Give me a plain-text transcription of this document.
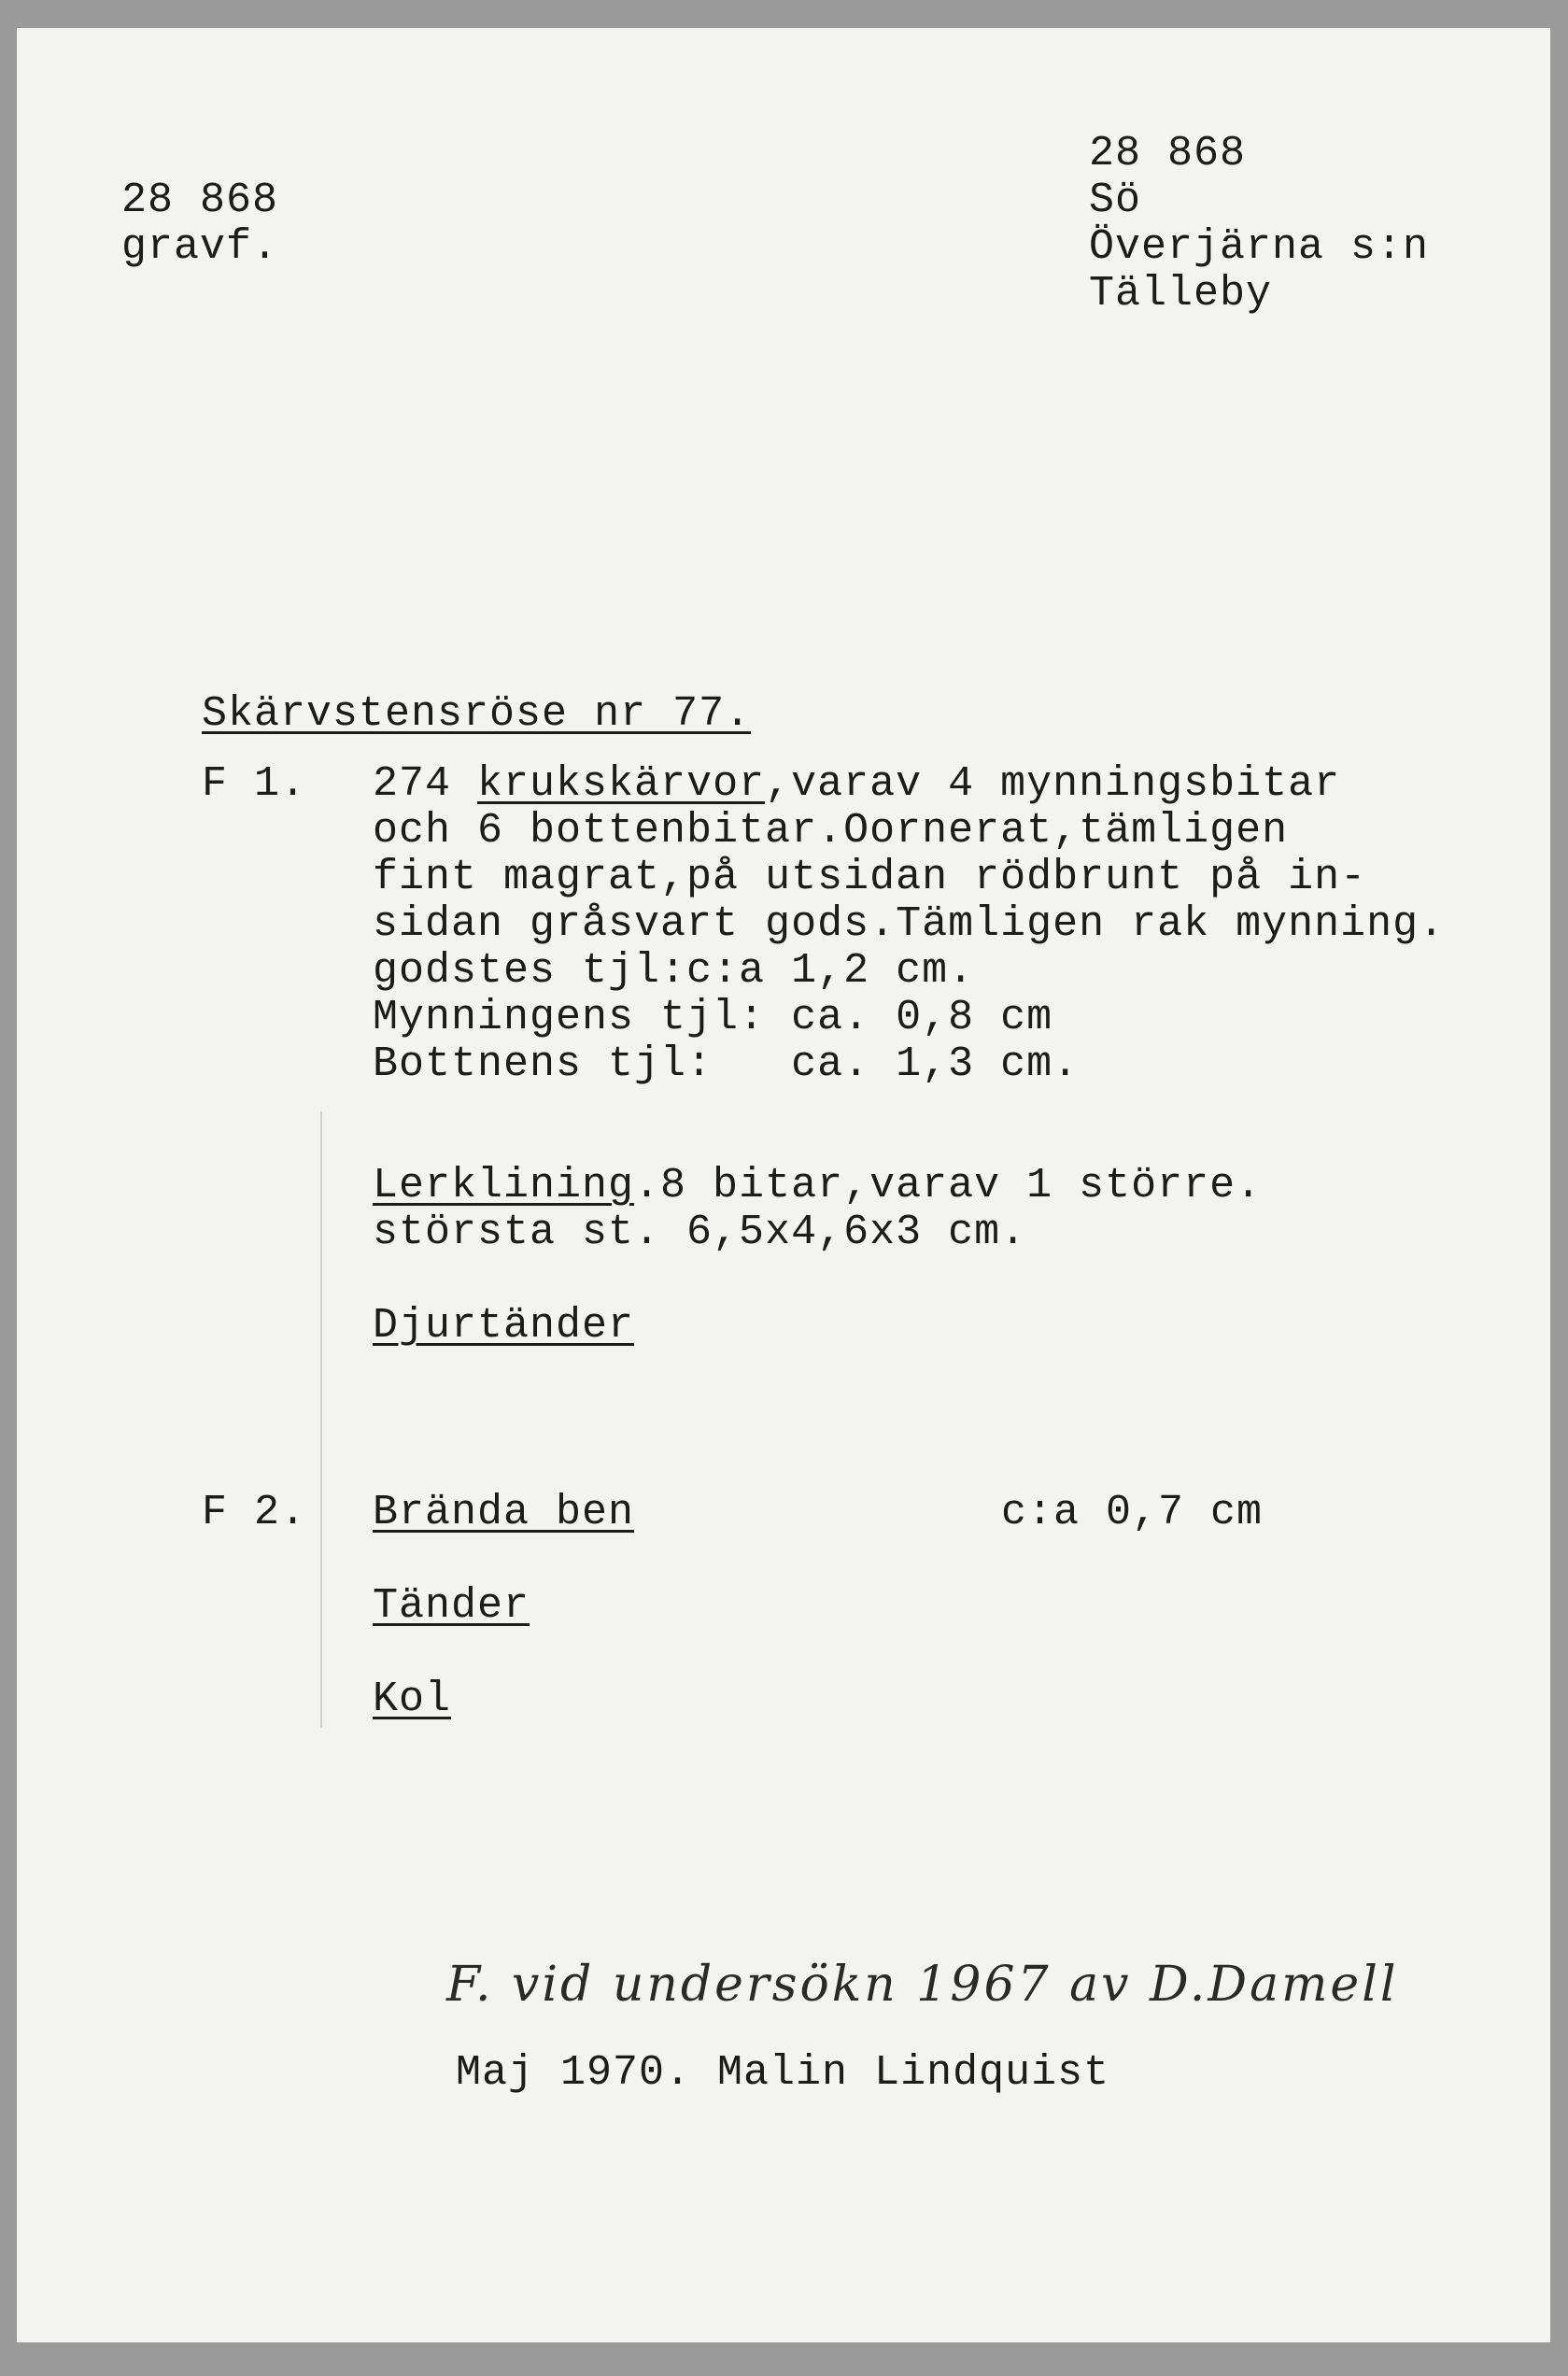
28 868
gravf.
28 868
Sö
Överjärna s:n
Tälleby
Skärvstensröse nr 77.
F 1. 274 krukskärvor,varav 4 mynningsbitar
och 6 bottenbitar.Oornerat,tämligen
fint magrat,på utsidan rödbrunt på in-
sidan gråsvart gods.Tämligen rak mynning.
godstes tjl:c:a 1,2 cm.
Mynningens tjl: ca. 0,8 cm
Bottnens tjl:   ca. 1,3 cm.
Lerklining.8 bitar,varav 1 större.
största st. 6,5x4,6x3 cm.
Djurtänder
F 2. Brända ben	c:a 0,7 cm
Tänder
Kol
F. vid undersökn 1967 av D.Damell
Maj 1970. Malin Lindquist
